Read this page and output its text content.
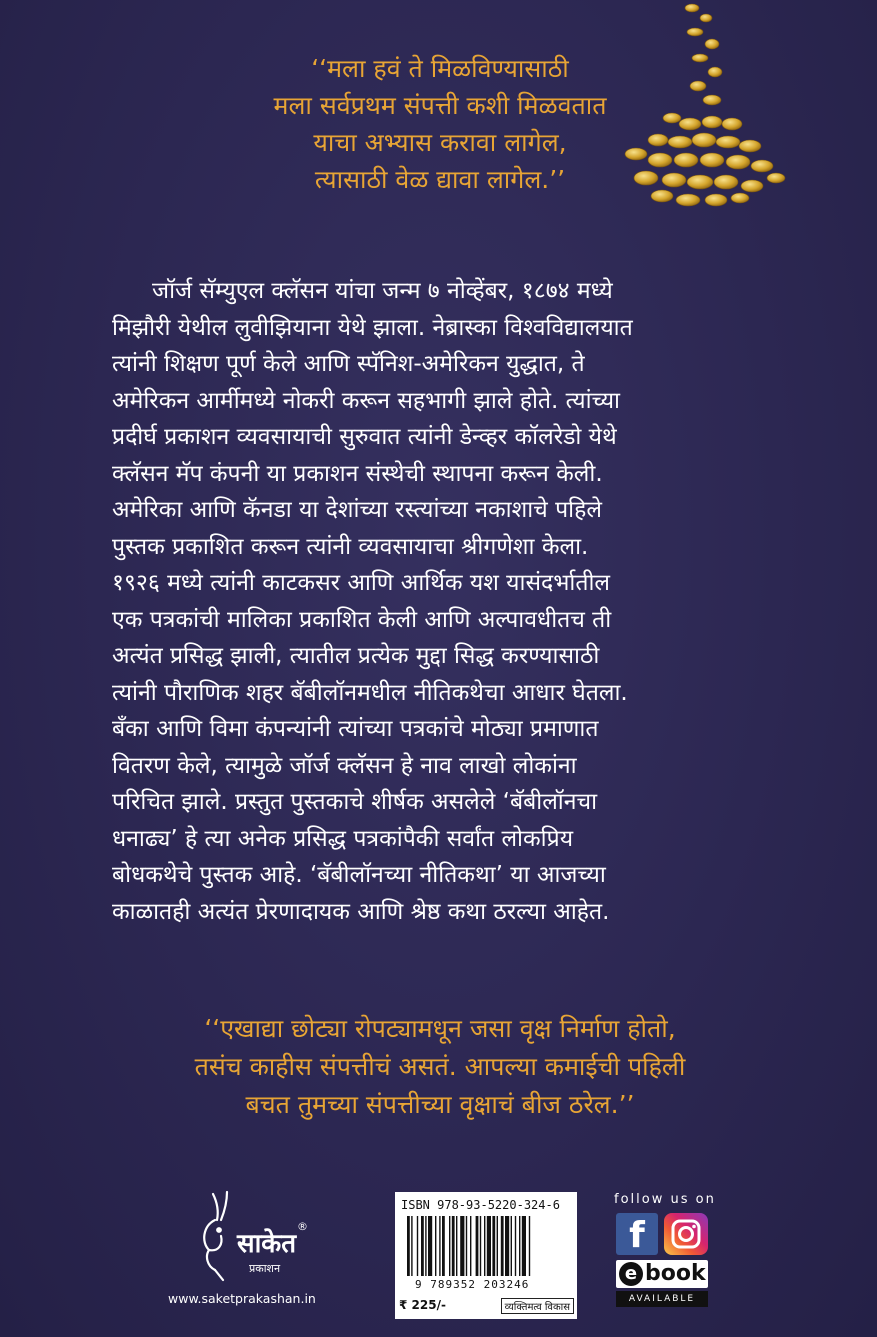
‘‘मला हवं ते मिळविण्यासाठी
मला सर्वप्रथम संपत्ती कशी मिळवतात
याचा अभ्यास करावा लागेल,
त्यासाठी वेळ द्यावा लागेल.’’
जॉर्ज सॅम्युएल क्लॅसन यांचा जन्म ७ नोव्हेंबर, १८७४ मध्ये
मिझौरी येथील लुवीझियाना येथे झाला. नेब्रास्का विश्वविद्यालयात
त्यांनी शिक्षण पूर्ण केले आणि स्पॅनिश-अमेरिकन युद्धात, ते
अमेरिकन आर्मीमध्ये नोकरी करून सहभागी झाले होते. त्यांच्या
प्रदीर्घ प्रकाशन व्यवसायाची सुरुवात त्यांनी डेन्व्हर कॉलरेडो येथे
क्लॅसन मॅप कंपनी या प्रकाशन संस्थेची स्थापना करून केली.
अमेरिका आणि कॅनडा या देशांच्या रस्त्यांच्या नकाशाचे पहिले
पुस्तक प्रकाशित करून त्यांनी व्यवसायाचा श्रीगणेशा केला.
१९२६ मध्ये त्यांनी काटकसर आणि आर्थिक यश यासंदर्भातील
एक पत्रकांची मालिका प्रकाशित केली आणि अल्पावधीतच ती
अत्यंत प्रसिद्ध झाली, त्यातील प्रत्येक मुद्दा सिद्ध करण्यासाठी
त्यांनी पौराणिक शहर बॅबीलॉनमधील नीतिकथेचा आधार घेतला.
बँका आणि विमा कंपन्यांनी त्यांच्या पत्रकांचे मोठ्या प्रमाणात
वितरण केले, त्यामुळे जॉर्ज क्लॅसन हे नाव लाखो लोकांना
परिचित झाले. प्रस्तुत पुस्तकाचे शीर्षक असलेले ‘बॅबीलॉनचा
धनाढ्य’ हे त्या अनेक प्रसिद्ध पत्रकांपैकी सर्वांत लोकप्रिय
बोधकथेचे पुस्तक आहे. ‘बॅबीलॉनच्या नीतिकथा’ या आजच्या
काळातही अत्यंत प्रेरणादायक आणि श्रेष्ठ कथा ठरल्या आहेत.
‘‘एखाद्या छोट्या रोपट्यामधून जसा वृक्ष निर्माण होतो,
तसंच काहीस संपत्तीचं असतं. आपल्या कमाईची पहिली
बचत तुमच्या संपत्तीच्या वृक्षाचं बीज ठरेल.’’
साकेत
प्रकाशन
®
www.saketprakashan.in
ISBN 978-93-5220-324-6
9 789352 203246
₹ 225/-	व्यक्तिमत्व विकास
follow us on
f
e book
AVAILABLE
